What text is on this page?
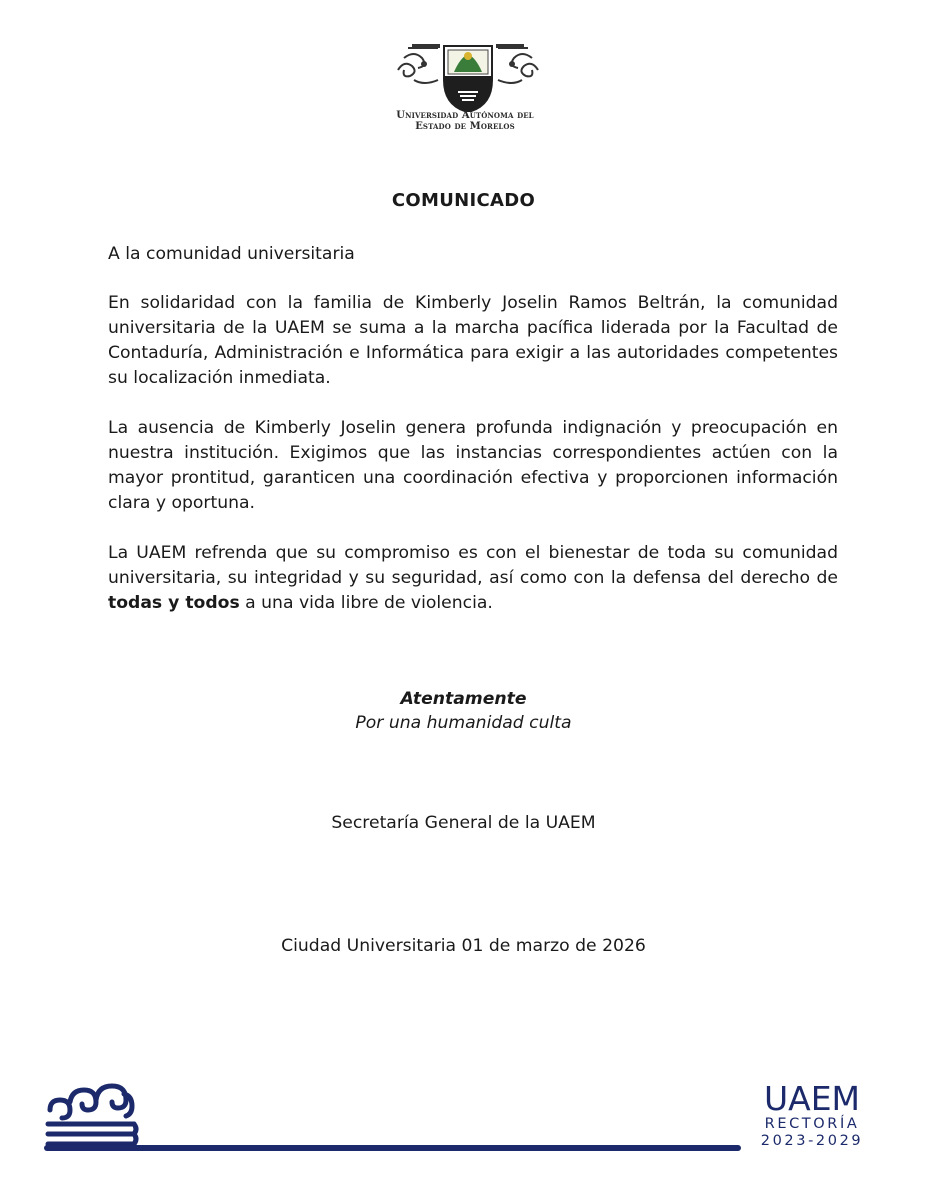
Universidad Autónoma del
Estado de Morelos
COMUNICADO
A la comunidad universitaria
En solidaridad con la familia de Kimberly Joselin Ramos Beltrán, la comunidad universitaria de la UAEM se suma a la marcha pacífica liderada por la Facultad de Contaduría, Administración e Informática para exigir a las autoridades competentes su localización inmediata.
La ausencia de Kimberly Joselin genera profunda indignación y preocupación en nuestra institución. Exigimos que las instancias correspondientes actúen con la mayor prontitud, garanticen una coordinación efectiva y proporcionen información clara y oportuna.
La UAEM refrenda que su compromiso es con el bienestar de toda su comunidad universitaria, su integridad y su seguridad, así como con la defensa del derecho de todas y todos a una vida libre de violencia.
Atentamente
Por una humanidad culta
Secretaría General de la UAEM
Ciudad Universitaria 01 de marzo de 2026
UAEM
RECTORÍA
2023-2029
